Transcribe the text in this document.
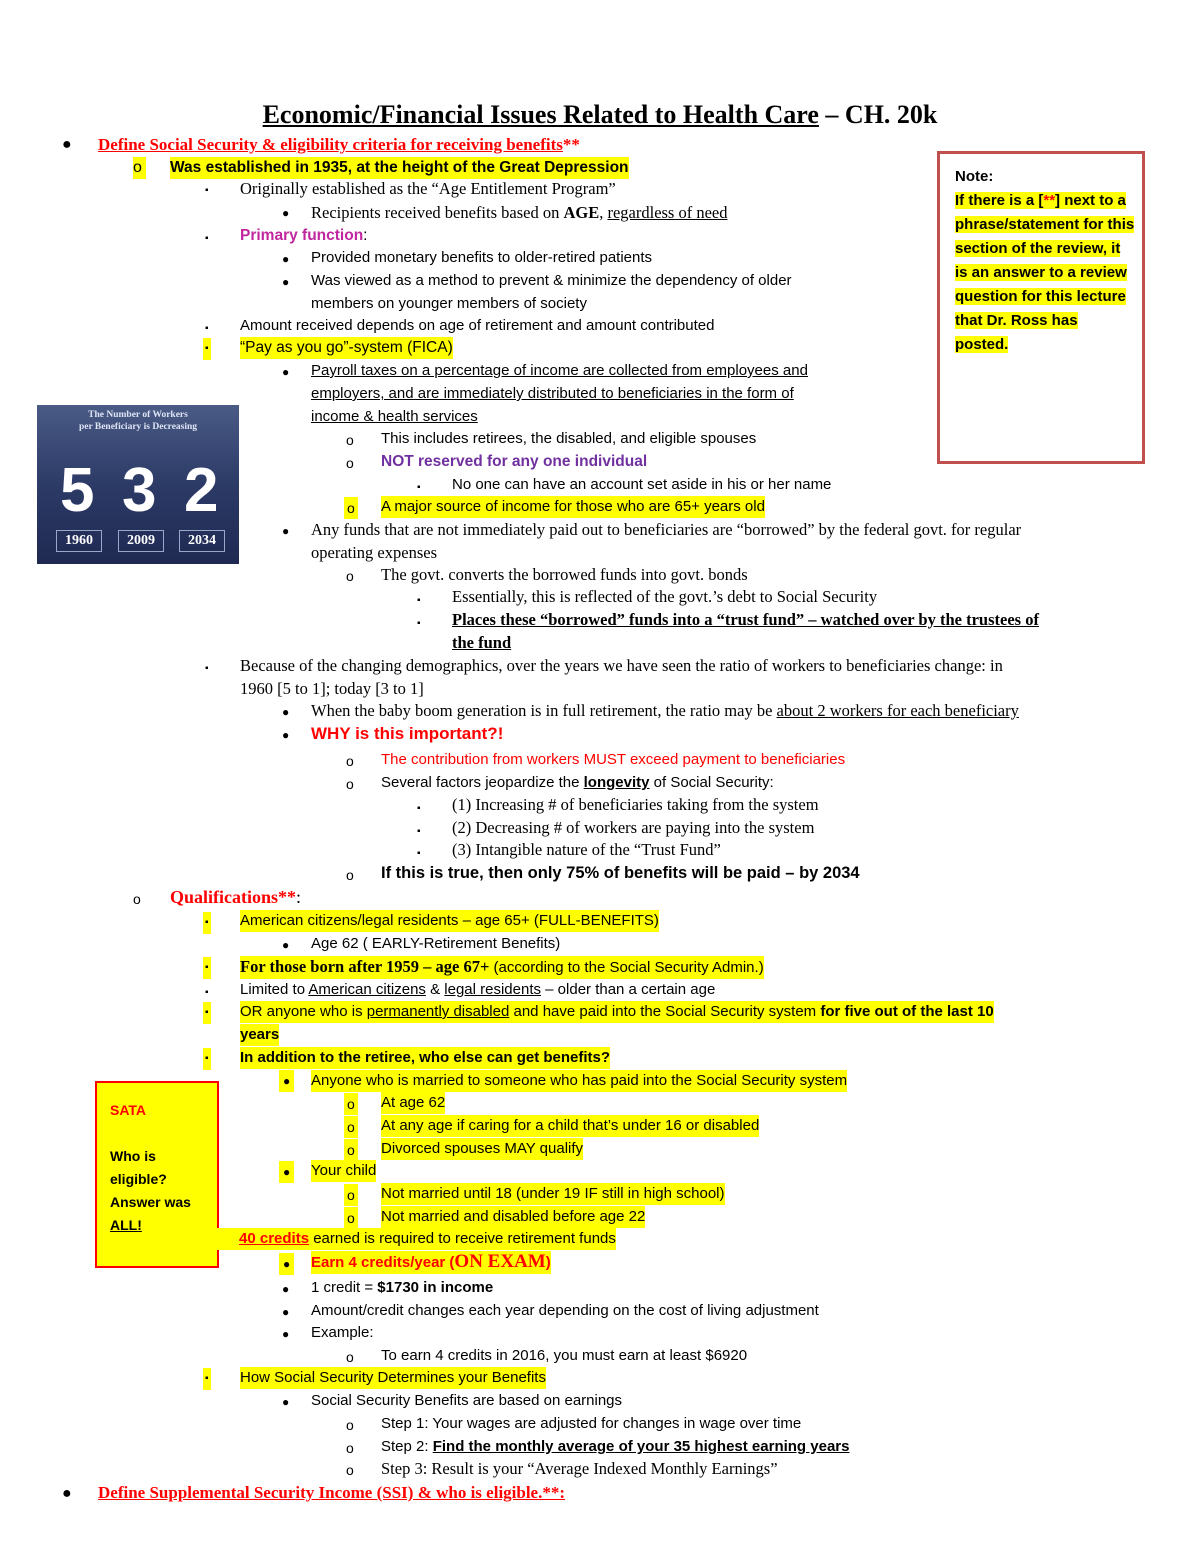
Economic/Financial Issues Related to Health Care – CH. 20k
Note:
If there is a [**] next to a phrase/statement for this section of the review, it is an answer to a review question for this lecture that Dr. Ross has posted.
SATA
Who is
eligible?
Answer was
ALL!
The Number of Workers
per Beneficiary is Decreasing
5 3 2
1960	2009	2034
● Define Social Security & eligibility criteria for receiving benefits**
o Was established in 1935, at the height of the Great Depression
▪ Originally established as the “Age Entitlement Program”
● Recipients received benefits based on AGE, regardless of need
▪ Primary function:
● Provided monetary benefits to older-retired patients
● Was viewed as a method to prevent & minimize the dependency of older
members on younger members of society
▪ Amount received depends on age of retirement and amount contributed
▪ “Pay as you go”-system (FICA)
● Payroll taxes on a percentage of income are collected from employees and
employers, and are immediately distributed to beneficiaries in the form of
income & health services
o This includes retirees, the disabled, and eligible spouses
o NOT reserved for any one individual
▪ No one can have an account set aside in his or her name
o A major source of income for those who are 65+ years old
● Any funds that are not immediately paid out to beneficiaries are “borrowed” by the federal govt. for regular
operating expenses
o The govt. converts the borrowed funds into govt. bonds
▪ Essentially, this is reflected of the govt.’s debt to Social Security
▪ Places these “borrowed” funds into a “trust fund” – watched over by the trustees of
the fund
▪ Because of the changing demographics, over the years we have seen the ratio of workers to beneficiaries change: in
1960 [5 to 1]; today [3 to 1]
● When the baby boom generation is in full retirement, the ratio may be about 2 workers for each beneficiary
● WHY is this important?!
o The contribution from workers MUST exceed payment to beneficiaries
o Several factors jeopardize the longevity of Social Security:
▪ (1) Increasing # of beneficiaries taking from the system
▪ (2) Decreasing # of workers are paying into the system
▪ (3) Intangible nature of the “Trust Fund”
o If this is true, then only 75% of benefits will be paid – by 2034
o Qualifications**:
▪ American citizens/legal residents – age 65+ (FULL-BENEFITS)
● Age 62 ( EARLY-Retirement Benefits)
▪ For those born after 1959 – age 67+ (according to the Social Security Admin.)
▪ Limited to American citizens & legal residents – older than a certain age
▪ OR anyone who is permanently disabled and have paid into the Social Security system for five out of the last 10
years
▪ In addition to the retiree, who else can get benefits?
● Anyone who is married to someone who has paid into the Social Security system
o At age 62
o At any age if caring for a child that’s under 16 or disabled
o Divorced spouses MAY qualify
● Your child
o Not married until 18 (under 19 IF still in high school)
o Not married and disabled before age 22
40 credits earned is required to receive retirement funds
● Earn 4 credits/year (ON EXAM)
● 1 credit = $1730 in income
● Amount/credit changes each year depending on the cost of living adjustment
● Example:
o To earn 4 credits in 2016, you must earn at least $6920
▪ How Social Security Determines your Benefits
● Social Security Benefits are based on earnings
o Step 1: Your wages are adjusted for changes in wage over time
o Step 2: Find the monthly average of your 35 highest earning years
o Step 3: Result is your “Average Indexed Monthly Earnings”
● Define Supplemental Security Income (SSI) & who is eligible.**:
